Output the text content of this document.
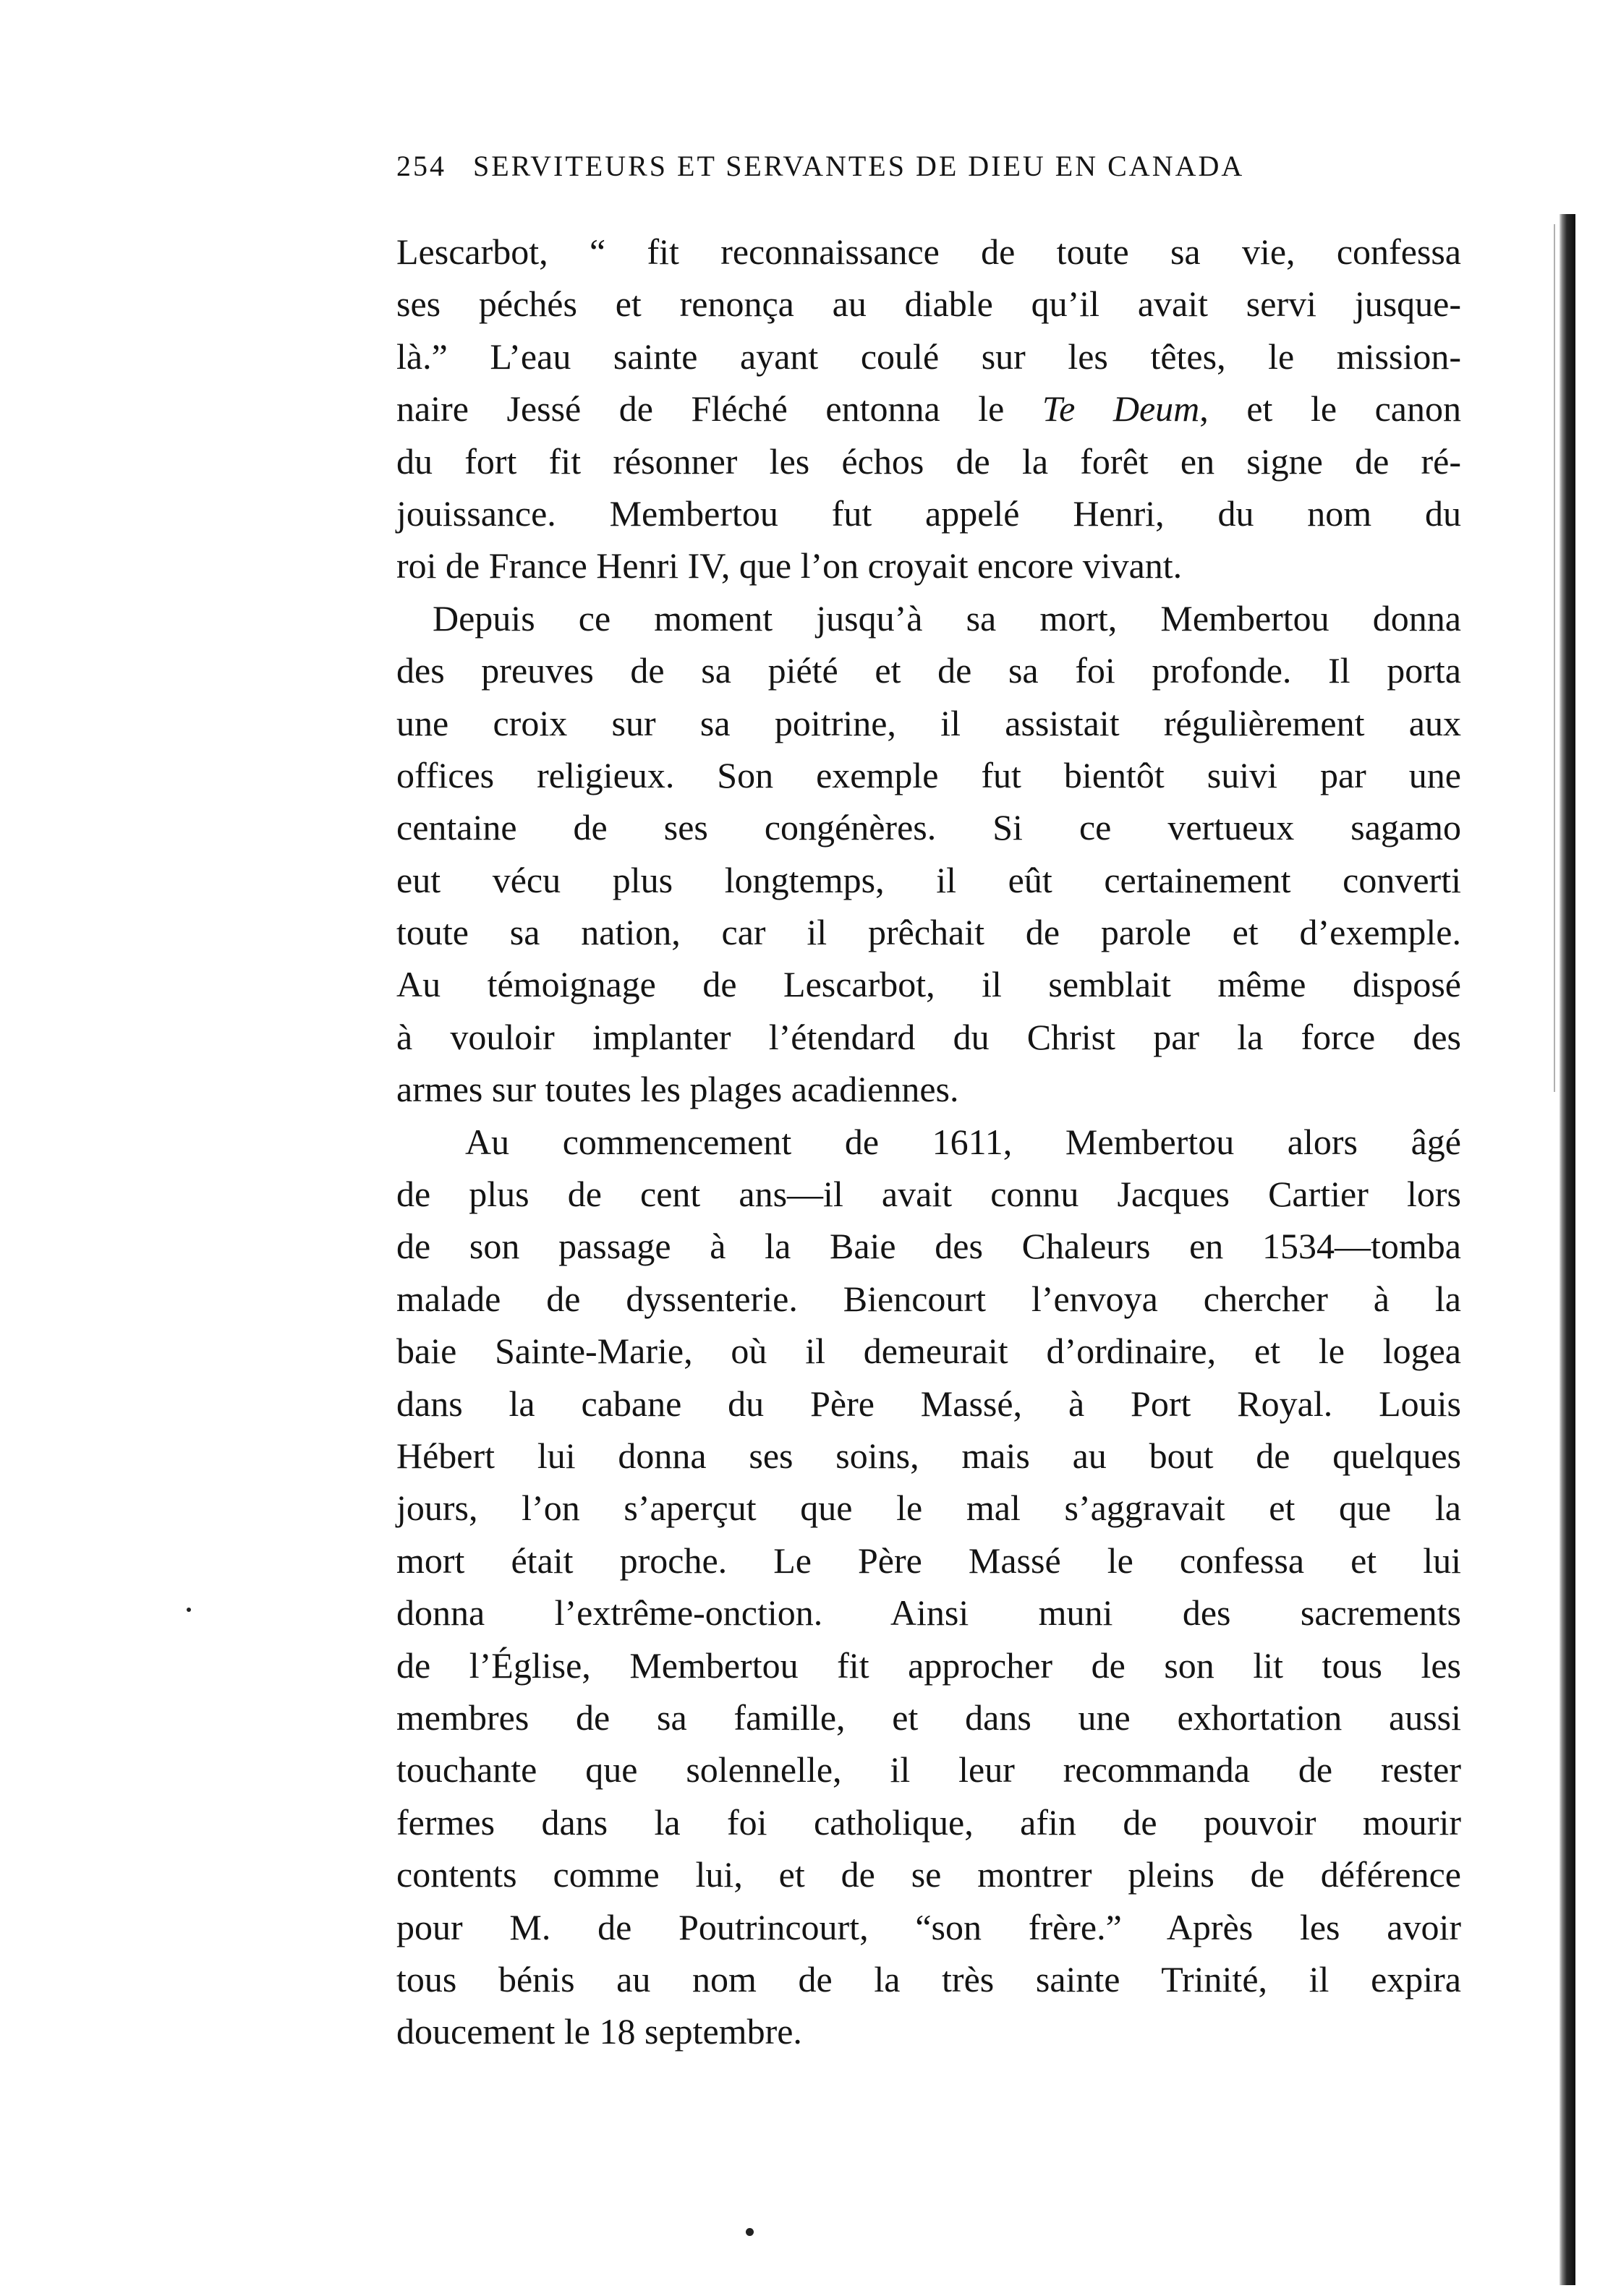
254 SERVITEURS ET SERVANTES DE DIEU EN CANADA
Lescarbot, “ fit reconnaissance de toute sa vie, confessa
ses péchés et renonça au diable qu’il avait servi jusque-
là.” L’eau sainte ayant coulé sur les têtes, le mission-
naire Jessé de Fléché entonna le Te Deum, et le canon
du fort fit résonner les échos de la forêt en signe de ré-
jouissance. Membertou fut appelé Henri, du nom du
roi de France Henri IV, que l’on croyait encore vivant.
Depuis ce moment jusqu’à sa mort, Membertou donna
des preuves de sa piété et de sa foi profonde. Il porta
une croix sur sa poitrine, il assistait régulièrement aux
offices religieux. Son exemple fut bientôt suivi par une
centaine de ses congénères. Si ce vertueux sagamo
eut vécu plus longtemps, il eût certainement converti
toute sa nation, car il prêchait de parole et d’exemple.
Au témoignage de Lescarbot, il semblait même disposé
à vouloir implanter l’étendard du Christ par la force des
armes sur toutes les plages acadiennes.
Au commencement de 1611, Membertou alors âgé
de plus de cent ans—il avait connu Jacques Cartier lors
de son passage à la Baie des Chaleurs en 1534—tomba
malade de dyssenterie. Biencourt l’envoya chercher à la
baie Sainte-Marie, où il demeurait d’ordinaire, et le logea
dans la cabane du Père Massé, à Port Royal. Louis
Hébert lui donna ses soins, mais au bout de quelques
jours, l’on s’aperçut que le mal s’aggravait et que la
mort était proche. Le Père Massé le confessa et lui
donna l’extrême-onction. Ainsi muni des sacrements
de l’Église, Membertou fit approcher de son lit tous les
membres de sa famille, et dans une exhortation aussi
touchante que solennelle, il leur recommanda de rester
fermes dans la foi catholique, afin de pouvoir mourir
contents comme lui, et de se montrer pleins de déférence
pour M. de Poutrincourt, “son frère.” Après les avoir
tous bénis au nom de la très sainte Trinité, il expira
doucement le 18 septembre.
